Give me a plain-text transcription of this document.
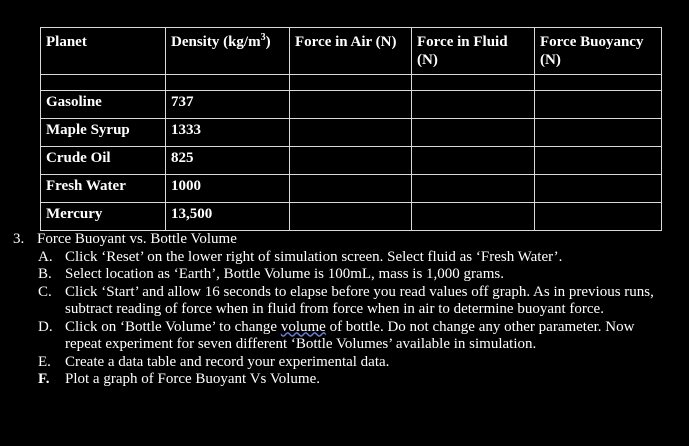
Planet	Density $(kg/m^3)$	Force in Air (N)	Force in Fluid (N)	Force Buoyancy (N)

Gasoline	737			
Maple Syrup	1333			
Crude Oil	825			
Fresh Water	1000			
Mercury	13,500			
3. Force Buoyant vs. Bottle Volume
A. Click ‘Reset’ on the lower right of simulation screen. Select fluid as ‘Fresh Water’.
B. Select location as ‘Earth’, Bottle Volume is 100mL, mass is 1,000 grams.
C. Click ‘Start’ and allow 16 seconds to elapse before you read values off graph. As in previous runs, subtract reading of force when in fluid from force when in air to determine buoyant force.
D. Click on ‘Bottle Volume’ to change volume of bottle. Do not change any other parameter. Now repeat experiment for seven different ‘Bottle Volumes’ available in simulation.
E. Create a data table and record your experimental data.
F.	Plot a graph of Force Buoyant Vs Volume.
